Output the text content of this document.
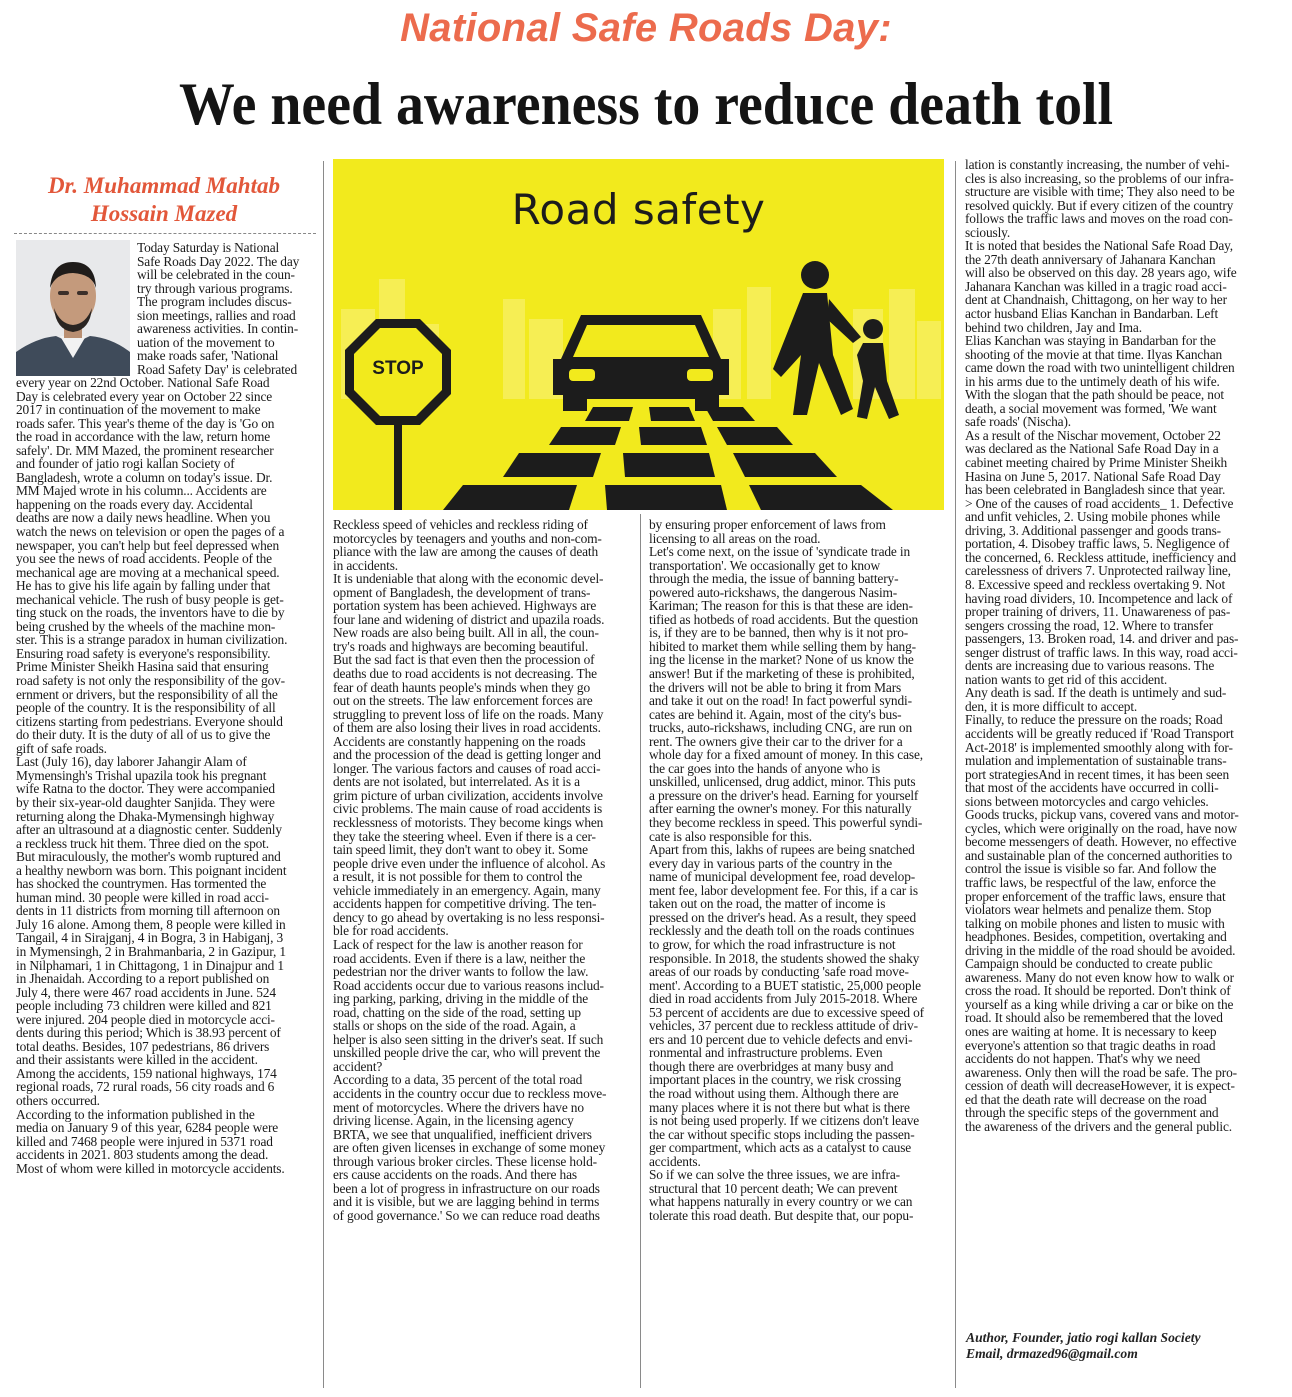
National Safe Roads Day:
We need awareness to reduce death toll
Dr. Muhammad Mahtab
Hossain Mazed	Road safety
STOP
Today Saturday is National
Safe Roads Day 2022. The day
will be celebrated in the coun-
try through various programs.
The program includes discus-
sion meetings, rallies and road
awareness activities. In contin-
uation of the movement to
make roads safer, 'National
Road Safety Day' is celebrated
every year on 22nd October. National Safe Road
Day is celebrated every year on October 22 since
2017 in continuation of the movement to make
roads safer. This year's theme of the day is 'Go on
the road in accordance with the law, return home
safely'. Dr. MM Mazed, the prominent researcher
and founder of jatio rogi kallan Society of
Bangladesh, wrote a column on today's issue. Dr.
MM Majed wrote in his column... Accidents are
happening on the roads every day. Accidental
deaths are now a daily news headline. When you
watch the news on television or open the pages of a
newspaper, you can't help but feel depressed when
you see the news of road accidents. People of the
mechanical age are moving at a mechanical speed.
He has to give his life again by falling under that
mechanical vehicle. The rush of busy people is get-
ting stuck on the roads, the inventors have to die by
being crushed by the wheels of the machine mon-
ster. This is a strange paradox in human civilization.
Ensuring road safety is everyone's responsibility.
Prime Minister Sheikh Hasina said that ensuring
road safety is not only the responsibility of the gov-
ernment or drivers, but the responsibility of all the
people of the country. It is the responsibility of all
citizens starting from pedestrians. Everyone should
do their duty. It is the duty of all of us to give the
gift of safe roads.
Last (July 16), day laborer Jahangir Alam of
Mymensingh's Trishal upazila took his pregnant
wife Ratna to the doctor. They were accompanied
by their six-year-old daughter Sanjida. They were
returning along the Dhaka-Mymensingh highway
after an ultrasound at a diagnostic center. Suddenly
a reckless truck hit them. Three died on the spot.
But miraculously, the mother's womb ruptured and
a healthy newborn was born. This poignant incident
has shocked the countrymen. Has tormented the
human mind. 30 people were killed in road acci-
dents in 11 districts from morning till afternoon on
July 16 alone. Among them, 8 people were killed in
Tangail, 4 in Sirajganj, 4 in Bogra, 3 in Habiganj, 3
in Mymensingh, 2 in Brahmanbaria, 2 in Gazipur, 1
in Nilphamari, 1 in Chittagong, 1 in Dinajpur and 1
in Jhenaidah. According to a report published on
July 4, there were 467 road accidents in June. 524
people including 73 children were killed and 821
were injured. 204 people died in motorcycle acci-
dents during this period; Which is 38.93 percent of
total deaths. Besides, 107 pedestrians, 86 drivers
and their assistants were killed in the accident.
Among the accidents, 159 national highways, 174
regional roads, 72 rural roads, 56 city roads and 6
others occurred.
According to the information published in the
media on January 9 of this year, 6284 people were
killed and 7468 people were injured in 5371 road
accidents in 2021. 803 students among the dead.
Most of whom were killed in motorcycle accidents.
Reckless speed of vehicles and reckless riding of
motorcycles by teenagers and youths and non-com-
pliance with the law are among the causes of death
in accidents.
It is undeniable that along with the economic devel-
opment of Bangladesh, the development of trans-
portation system has been achieved. Highways are
four lane and widening of district and upazila roads.
New roads are also being built. All in all, the coun-
try's roads and highways are becoming beautiful.
But the sad fact is that even then the procession of
deaths due to road accidents is not decreasing. The
fear of death haunts people's minds when they go
out on the streets. The law enforcement forces are
struggling to prevent loss of life on the roads. Many
of them are also losing their lives in road accidents.
Accidents are constantly happening on the roads
and the procession of the dead is getting longer and
longer. The various factors and causes of road acci-
dents are not isolated, but interrelated. As it is a
grim picture of urban civilization, accidents involve
civic problems. The main cause of road accidents is
recklessness of motorists. They become kings when
they take the steering wheel. Even if there is a cer-
tain speed limit, they don't want to obey it. Some
people drive even under the influence of alcohol. As
a result, it is not possible for them to control the
vehicle immediately in an emergency. Again, many
accidents happen for competitive driving. The ten-
dency to go ahead by overtaking is no less responsi-
ble for road accidents.
Lack of respect for the law is another reason for
road accidents. Even if there is a law, neither the
pedestrian nor the driver wants to follow the law.
Road accidents occur due to various reasons includ-
ing parking, parking, driving in the middle of the
road, chatting on the side of the road, setting up
stalls or shops on the side of the road. Again, a
helper is also seen sitting in the driver's seat. If such
unskilled people drive the car, who will prevent the
accident?
According to a data, 35 percent of the total road
accidents in the country occur due to reckless move-
ment of motorcycles. Where the drivers have no
driving license. Again, in the licensing agency
BRTA, we see that unqualified, inefficient drivers
are often given licenses in exchange of some money
through various broker circles. These license hold-
ers cause accidents on the roads. And there has
been a lot of progress in infrastructure on our roads
and it is visible, but we are lagging behind in terms
of good governance.' So we can reduce road deaths
by ensuring proper enforcement of laws from
licensing to all areas on the road.
Let's come next, on the issue of 'syndicate trade in
transportation'. We occasionally get to know
through the media, the issue of banning battery-
powered auto-rickshaws, the dangerous Nasim-
Kariman; The reason for this is that these are iden-
tified as hotbeds of road accidents. But the question
is, if they are to be banned, then why is it not pro-
hibited to market them while selling them by hang-
ing the license in the market? None of us know the
answer! But if the marketing of these is prohibited,
the drivers will not be able to bring it from Mars
and take it out on the road! In fact powerful syndi-
cates are behind it. Again, most of the city's bus-
trucks, auto-rickshaws, including CNG, are run on
rent. The owners give their car to the driver for a
whole day for a fixed amount of money. In this case,
the car goes into the hands of anyone who is
unskilled, unlicensed, drug addict, minor. This puts
a pressure on the driver's head. Earning for yourself
after earning the owner's money. For this naturally
they become reckless in speed. This powerful syndi-
cate is also responsible for this.
Apart from this, lakhs of rupees are being snatched
every day in various parts of the country in the
name of municipal development fee, road develop-
ment fee, labor development fee. For this, if a car is
taken out on the road, the matter of income is
pressed on the driver's head. As a result, they speed
recklessly and the death toll on the roads continues
to grow, for which the road infrastructure is not
responsible. In 2018, the students showed the shaky
areas of our roads by conducting 'safe road move-
ment'. According to a BUET statistic, 25,000 people
died in road accidents from July 2015-2018. Where
53 percent of accidents are due to excessive speed of
vehicles, 37 percent due to reckless attitude of driv-
ers and 10 percent due to vehicle defects and envi-
ronmental and infrastructure problems. Even
though there are overbridges at many busy and
important places in the country, we risk crossing
the road without using them. Although there are
many places where it is not there but what is there
is not being used properly. If we citizens don't leave
the car without specific stops including the passen-
ger compartment, which acts as a catalyst to cause
accidents.
So if we can solve the three issues, we are infra-
structural that 10 percent death; We can prevent
what happens naturally in every country or we can
tolerate this road death. But despite that, our popu-
lation is constantly increasing, the number of vehi-
cles is also increasing, so the problems of our infra-
structure are visible with time; They also need to be
resolved quickly. But if every citizen of the country
follows the traffic laws and moves on the road con-
sciously.
It is noted that besides the National Safe Road Day,
the 27th death anniversary of Jahanara Kanchan
will also be observed on this day. 28 years ago, wife
Jahanara Kanchan was killed in a tragic road acci-
dent at Chandnaish, Chittagong, on her way to her
actor husband Elias Kanchan in Bandarban. Left
behind two children, Jay and Ima.
Elias Kanchan was staying in Bandarban for the
shooting of the movie at that time. Ilyas Kanchan
came down the road with two unintelligent children
in his arms due to the untimely death of his wife.
With the slogan that the path should be peace, not
death, a social movement was formed, 'We want
safe roads' (Nischa).
As a result of the Nischar movement, October 22
was declared as the National Safe Road Day in a
cabinet meeting chaired by Prime Minister Sheikh
Hasina on June 5, 2017. National Safe Road Day
has been celebrated in Bangladesh since that year.
> One of the causes of road accidents_ 1. Defective
and unfit vehicles, 2. Using mobile phones while
driving, 3. Additional passenger and goods trans-
portation, 4. Disobey traffic laws, 5. Negligence of
the concerned, 6. Reckless attitude, inefficiency and
carelessness of drivers 7. Unprotected railway line,
8. Excessive speed and reckless overtaking 9. Not
having road dividers, 10. Incompetence and lack of
proper training of drivers, 11. Unawareness of pas-
sengers crossing the road, 12. Where to transfer
passengers, 13. Broken road, 14. and driver and pas-
senger distrust of traffic laws. In this way, road acci-
dents are increasing due to various reasons. The
nation wants to get rid of this accident.
Any death is sad. If the death is untimely and sud-
den, it is more difficult to accept.
Finally, to reduce the pressure on the roads; Road
accidents will be greatly reduced if 'Road Transport
Act-2018' is implemented smoothly along with for-
mulation and implementation of sustainable trans-
port strategiesAnd in recent times, it has been seen
that most of the accidents have occurred in colli-
sions between motorcycles and cargo vehicles.
Goods trucks, pickup vans, covered vans and motor-
cycles, which were originally on the road, have now
become messengers of death. However, no effective
and sustainable plan of the concerned authorities to
control the issue is visible so far. And follow the
traffic laws, be respectful of the law, enforce the
proper enforcement of the traffic laws, ensure that
violators wear helmets and penalize them. Stop
talking on mobile phones and listen to music with
headphones. Besides, competition, overtaking and
driving in the middle of the road should be avoided.
Campaign should be conducted to create public
awareness. Many do not even know how to walk or
cross the road. It should be reported. Don't think of
yourself as a king while driving a car or bike on the
road. It should also be remembered that the loved
ones are waiting at home. It is necessary to keep
everyone's attention so that tragic deaths in road
accidents do not happen. That's why we need
awareness. Only then will the road be safe. The pro-
cession of death will decreaseHowever, it is expect-
ed that the death rate will decrease on the road
through the specific steps of the government and
the awareness of the drivers and the general public.
Author, Founder, jatio rogi kallan Society
Email, drmazed96@gmail.com
